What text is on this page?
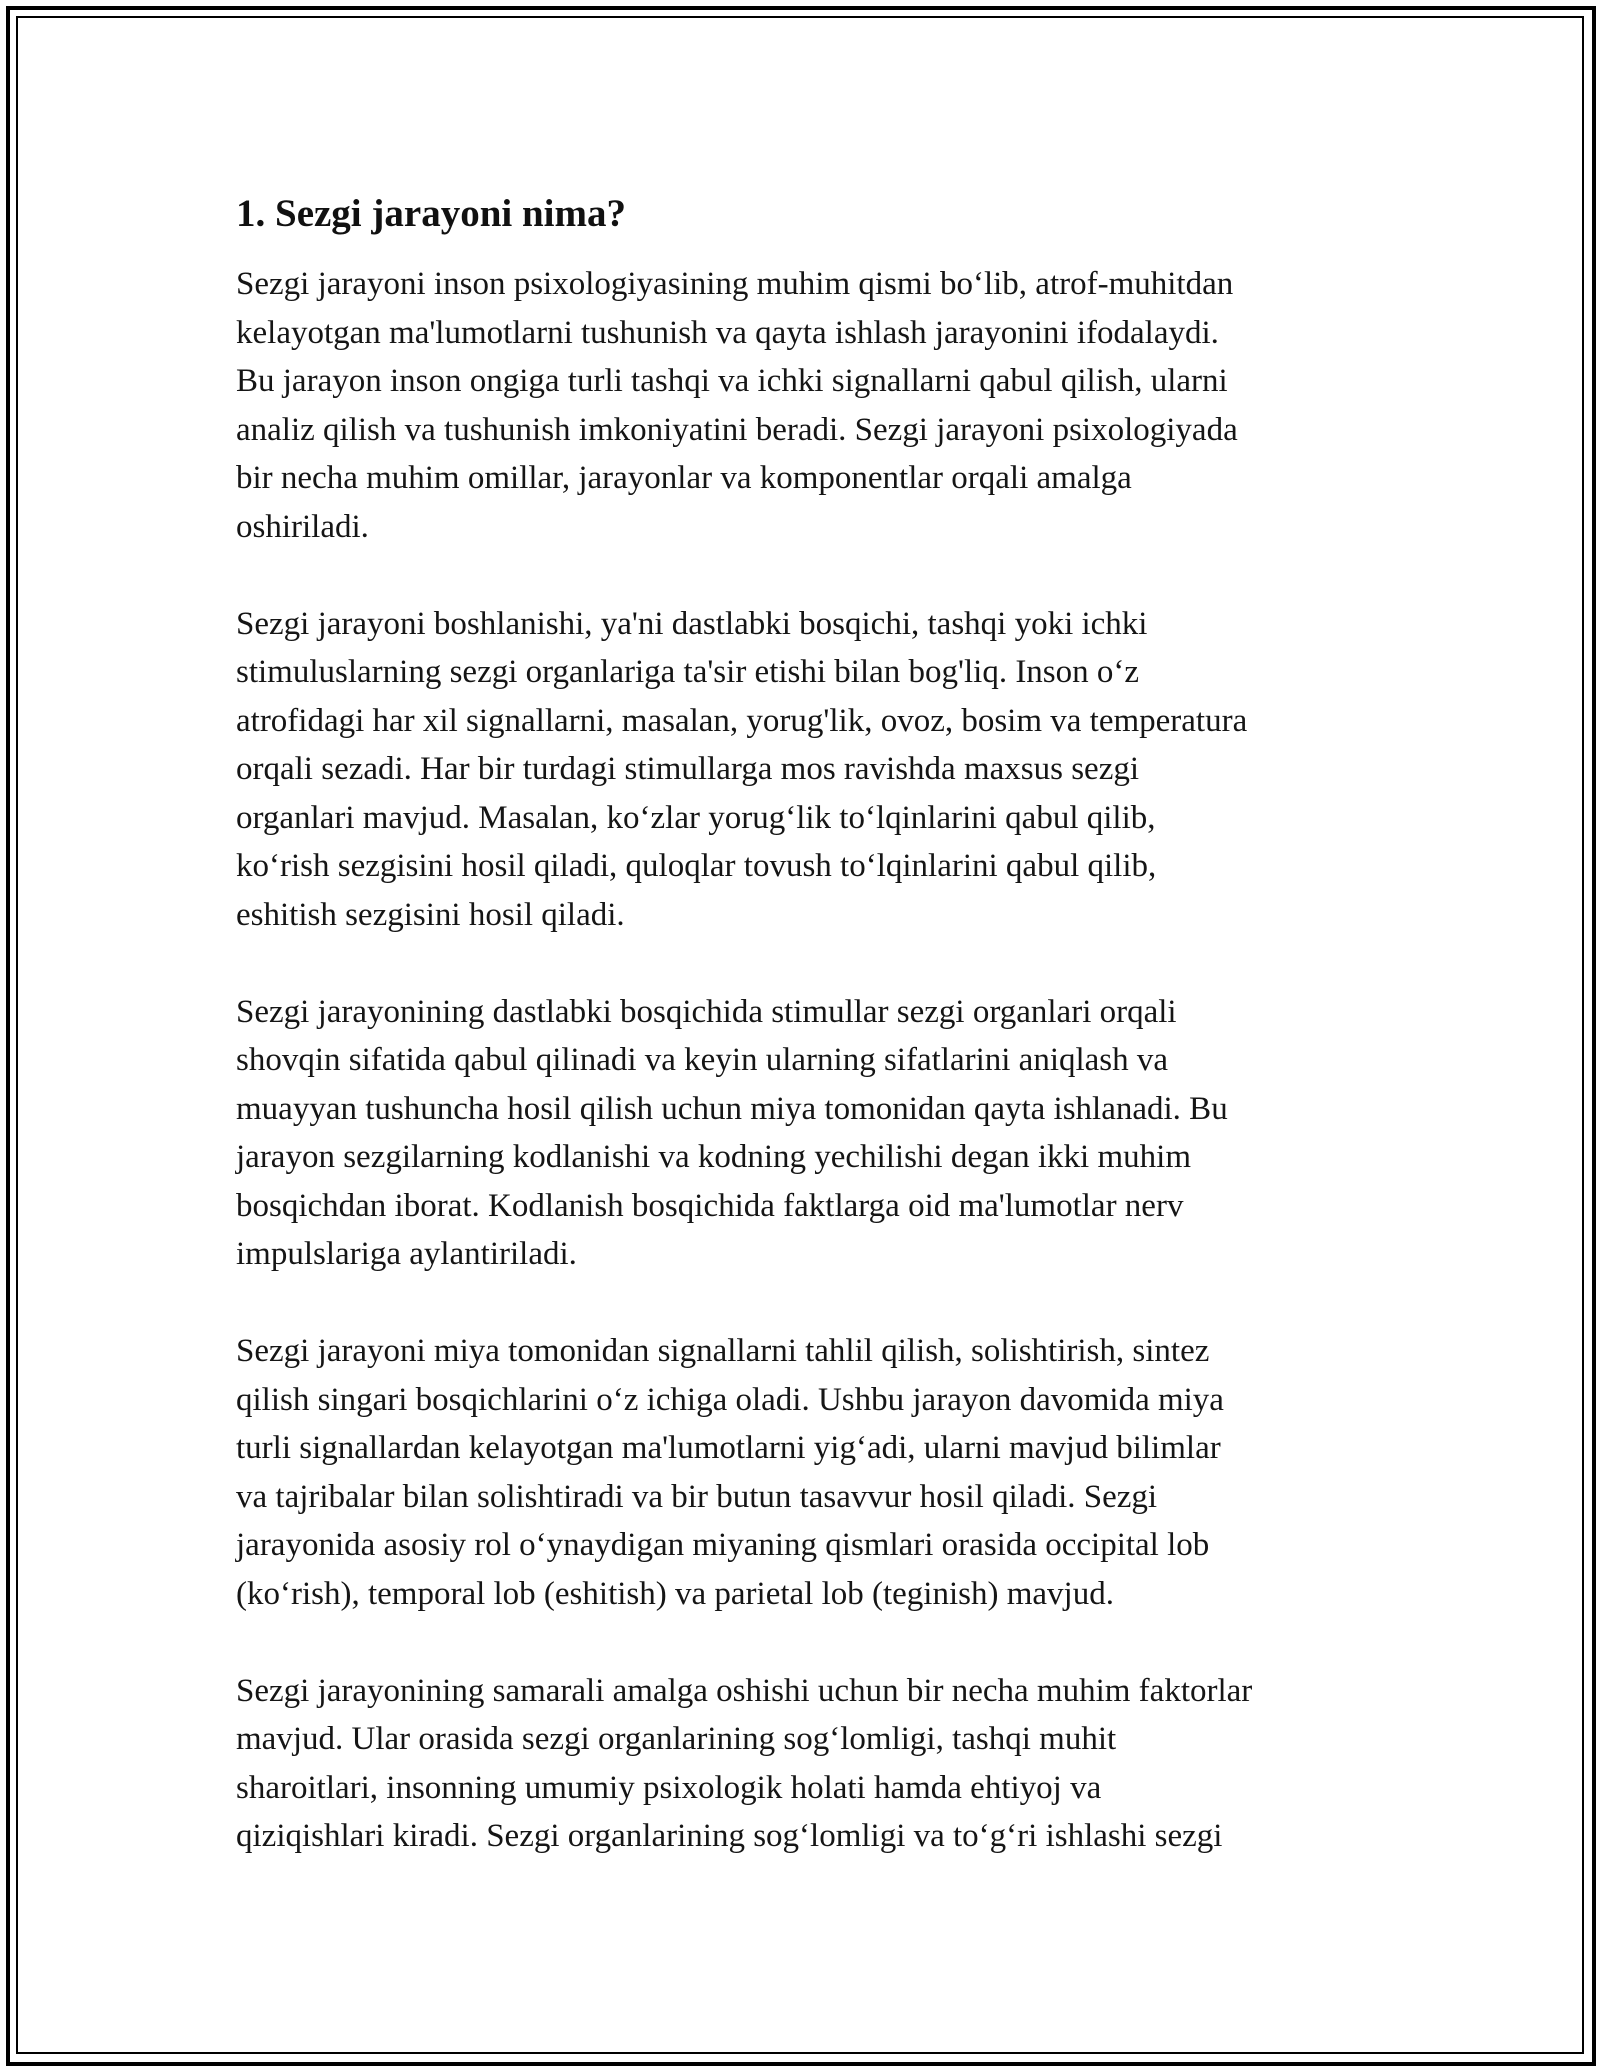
1. Sezgi jarayoni nima?

Sezgi jarayoni inson psixologiyasining muhim qismi bo‘lib, atrof-muhitdan
kelayotgan ma'lumotlarni tushunish va qayta ishlash jarayonini ifodalaydi.
Bu jarayon inson ongiga turli tashqi va ichki signallarni qabul qilish, ularni
analiz qilish va tushunish imkoniyatini beradi. Sezgi jarayoni psixologiyada
bir necha muhim omillar, jarayonlar va komponentlar orqali amalga
oshiriladi.

Sezgi jarayoni boshlanishi, ya'ni dastlabki bosqichi, tashqi yoki ichki
stimuluslarning sezgi organlariga ta'sir etishi bilan bog'liq. Inson o‘z
atrofidagi har xil signallarni, masalan, yorug'lik, ovoz, bosim va temperatura
orqali sezadi. Har bir turdagi stimullarga mos ravishda maxsus sezgi
organlari mavjud. Masalan, ko‘zlar yorug‘lik to‘lqinlarini qabul qilib,
ko‘rish sezgisini hosil qiladi, quloqlar tovush to‘lqinlarini qabul qilib,
eshitish sezgisini hosil qiladi.

Sezgi jarayonining dastlabki bosqichida stimullar sezgi organlari orqali
shovqin sifatida qabul qilinadi va keyin ularning sifatlarini aniqlash va
muayyan tushuncha hosil qilish uchun miya tomonidan qayta ishlanadi. Bu
jarayon sezgilarning kodlanishi va kodning yechilishi degan ikki muhim
bosqichdan iborat. Kodlanish bosqichida faktlarga oid ma'lumotlar nerv
impulslariga aylantiriladi.

Sezgi jarayoni miya tomonidan signallarni tahlil qilish, solishtirish, sintez
qilish singari bosqichlarini o‘z ichiga oladi. Ushbu jarayon davomida miya
turli signallardan kelayotgan ma'lumotlarni yig‘adi, ularni mavjud bilimlar
va tajribalar bilan solishtiradi va bir butun tasavvur hosil qiladi. Sezgi
jarayonida asosiy rol o‘ynaydigan miyaning qismlari orasida occipital lob
(ko‘rish), temporal lob (eshitish) va parietal lob (teginish) mavjud.

Sezgi jarayonining samarali amalga oshishi uchun bir necha muhim faktorlar
mavjud. Ular orasida sezgi organlarining sog‘lomligi, tashqi muhit
sharoitlari, insonning umumiy psixologik holati hamda ehtiyoj va
qiziqishlari kiradi. Sezgi organlarining sog‘lomligi va to‘g‘ri ishlashi sezgi
